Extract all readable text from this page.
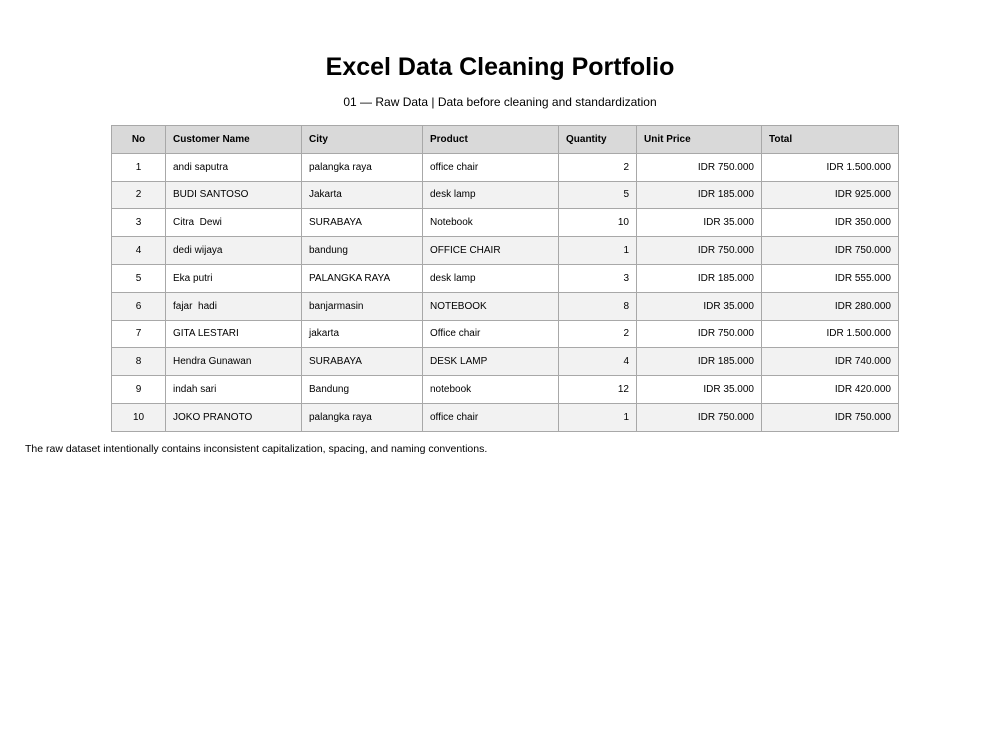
Excel Data Cleaning Portfolio
01 — Raw Data | Data before cleaning and standardization
No	Customer Name	City	Product	Quantity	Unit Price	Total
1	andi saputra	palangka raya	office chair	2	IDR 750.000	IDR 1.500.000
2	BUDI SANTOSO	Jakarta	desk lamp	5	IDR 185.000	IDR 925.000
3	Citra  Dewi	SURABAYA	Notebook	10	IDR 35.000	IDR 350.000
4	dedi wijaya	bandung	OFFICE CHAIR	1	IDR 750.000	IDR 750.000
5	Eka putri	PALANGKA RAYA	desk lamp	3	IDR 185.000	IDR 555.000
6	fajar  hadi	banjarmasin	NOTEBOOK	8	IDR 35.000	IDR 280.000
7	GITA LESTARI	jakarta	Office chair	2	IDR 750.000	IDR 1.500.000
8	Hendra Gunawan	SURABAYA	DESK LAMP	4	IDR 185.000	IDR 740.000
9	indah sari	Bandung	notebook	12	IDR 35.000	IDR 420.000
10	JOKO PRANOTO	palangka raya	office chair	1	IDR 750.000	IDR 750.000
The raw dataset intentionally contains inconsistent capitalization, spacing, and naming conventions.
